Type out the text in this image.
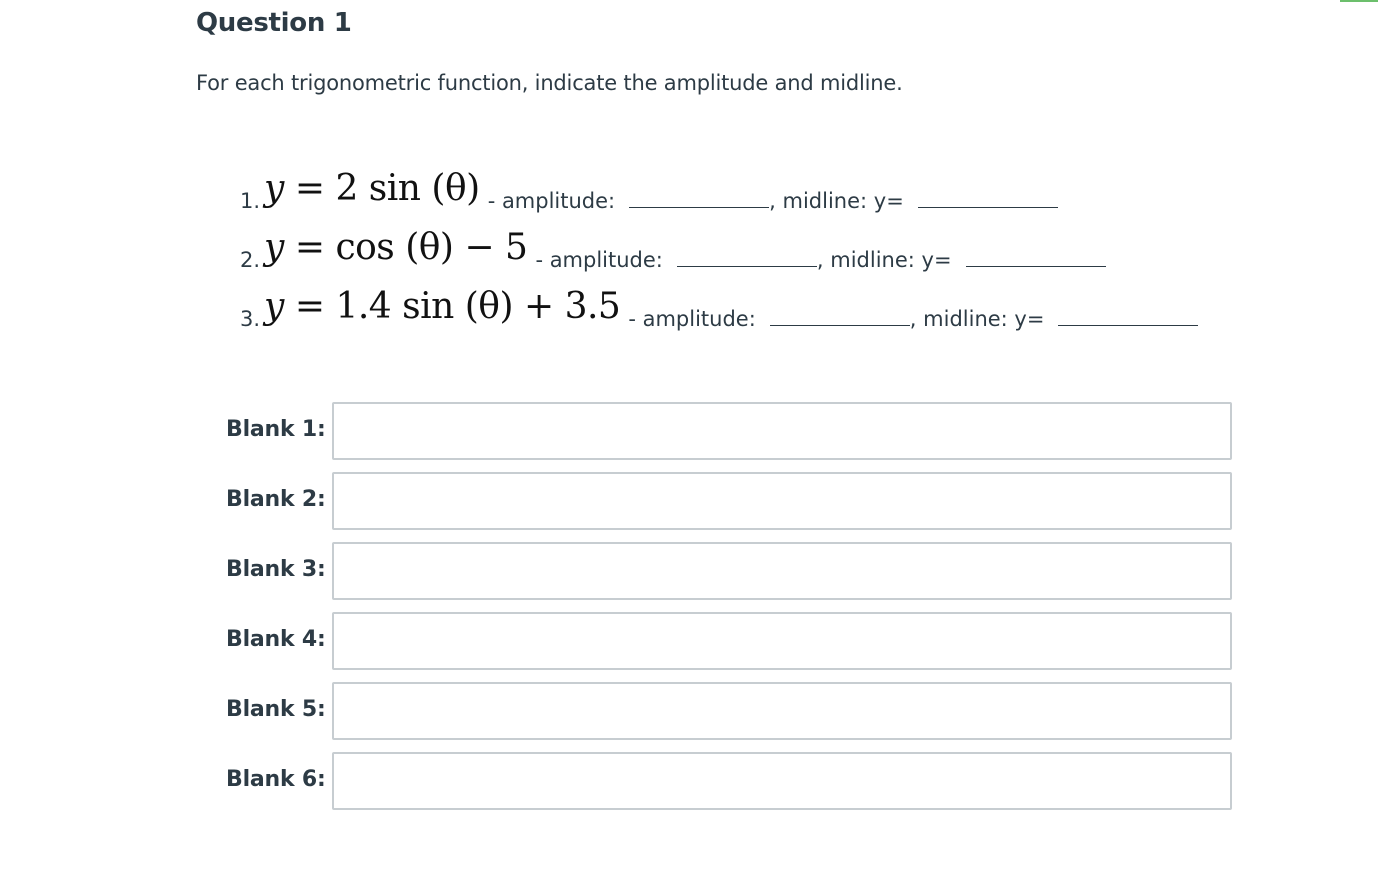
Question 1
For each trigonometric function, indicate the amplitude and midline.
1. y = 2 sin (θ) - amplitude:	, midline: y=
2. y = cos (θ) − 5 - amplitude:	, midline: y=
3. y = 1.4 sin (θ) + 3.5 - amplitude:	, midline: y=
Blank 1:
Blank 2:
Blank 3:
Blank 4:
Blank 5:
Blank 6:
